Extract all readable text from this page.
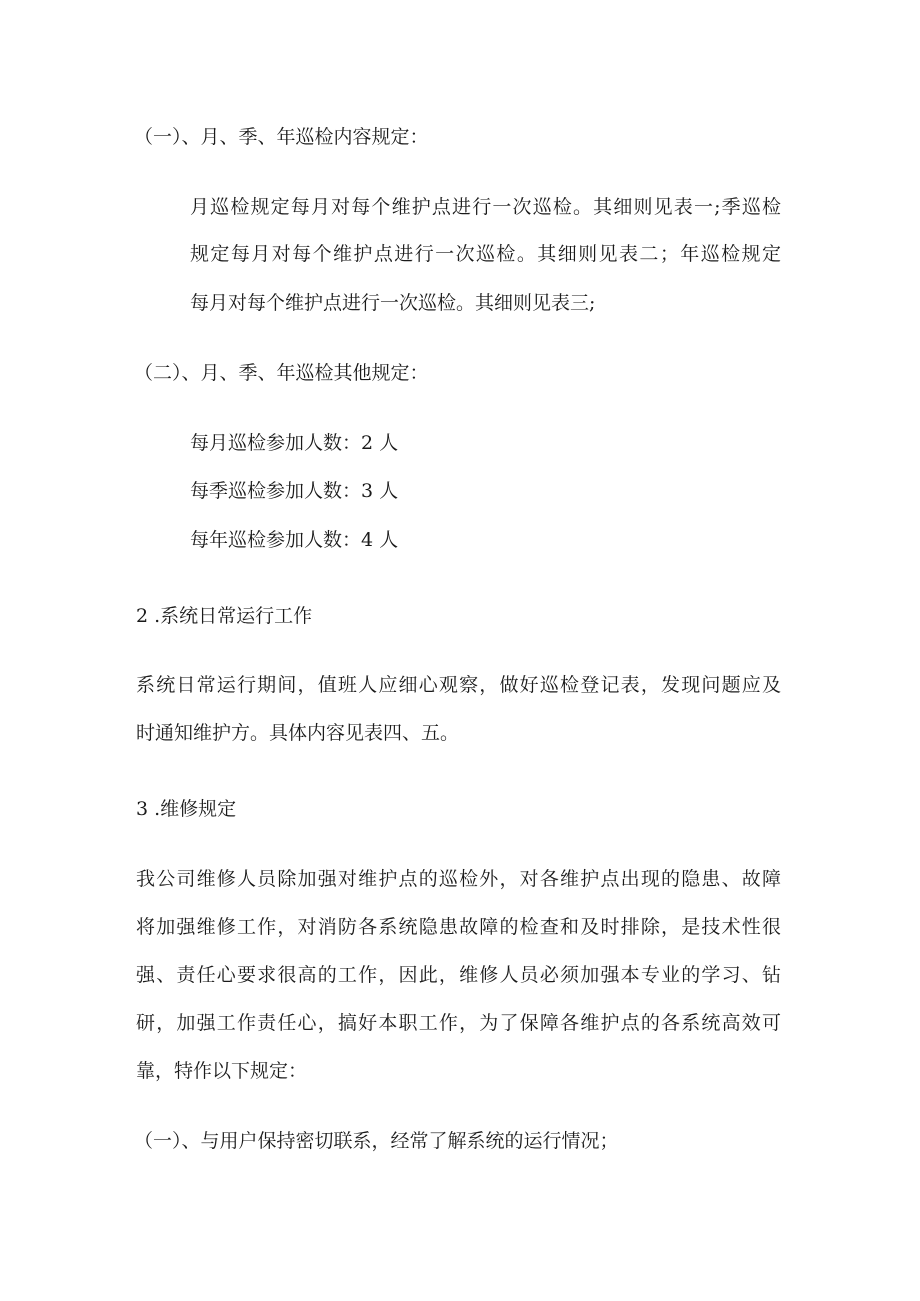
（一）、月、季、年巡检内容规定：
月巡检规定每月对每个维护点进行一次巡检。其细则见表一;季巡检
规定每月对每个维护点进行一次巡检。其细则见表二；年巡检规定
每月对每个维护点进行一次巡检。其细则见表三;
（二）、月、季、年巡检其他规定：
每月巡检参加人数：2 人
每季巡检参加人数：3 人
每年巡检参加人数：4 人
2 .系统日常运行工作
系统日常运行期间，值班人应细心观察，做好巡检登记表，发现问题应及
时通知维护方。具体内容见表四、五。
3 .维修规定
我公司维修人员除加强对维护点的巡检外，对各维护点出现的隐患、故障
将加强维修工作，对消防各系统隐患故障的检查和及时排除，是技术性很
强、责任心要求很高的工作，因此，维修人员必须加强本专业的学习、钻
研，加强工作责任心，搞好本职工作，为了保障各维护点的各系统高效可
靠，特作以下规定：
（一）、与用户保持密切联系，经常了解系统的运行情况；
